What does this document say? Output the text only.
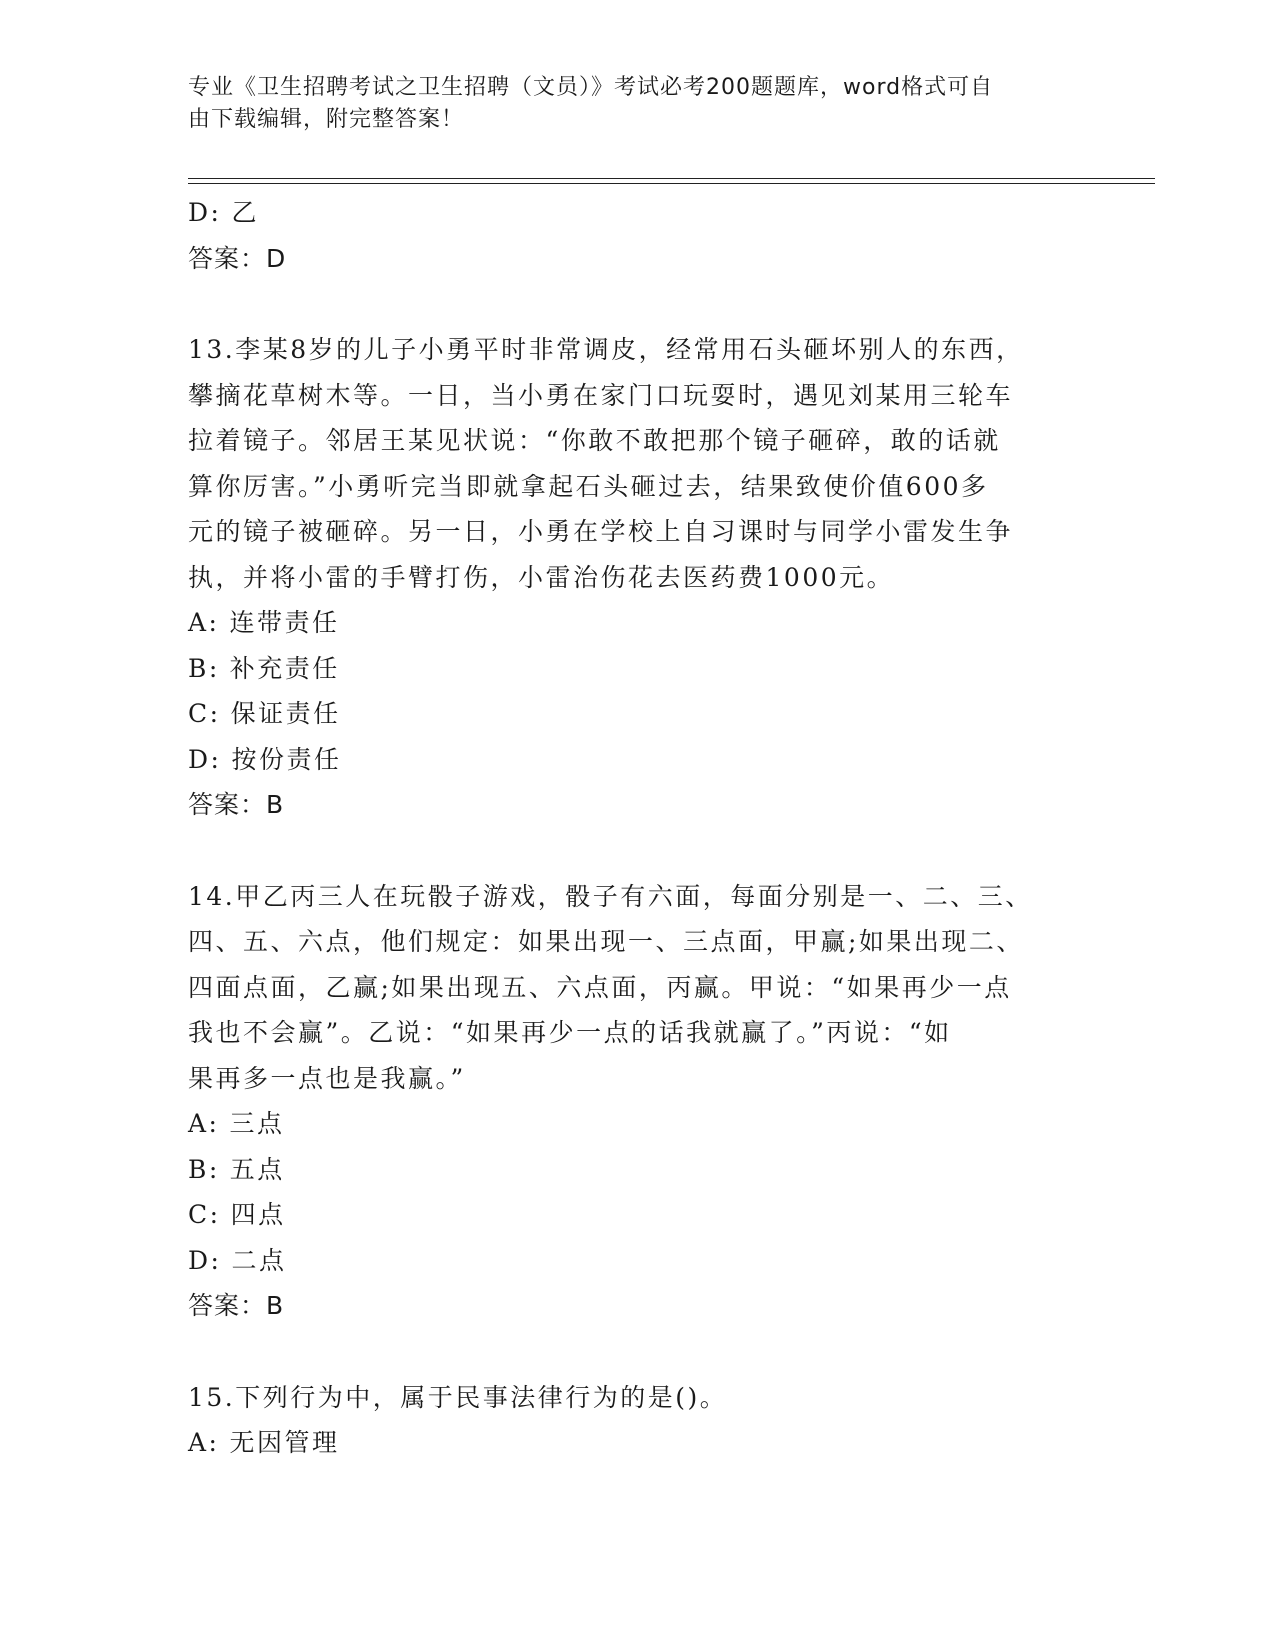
专业《卫生招聘考试之卫生招聘（文员）》考试必考200题题库，word格式可自
由下载编辑，附完整答案！
D: 乙
答案：D
13.李某8岁的儿子小勇平时非常调皮，经常用石头砸坏别人的东西，
攀摘花草树木等。一日，当小勇在家门口玩耍时，遇见刘某用三轮车
拉着镜子。邻居王某见状说：“你敢不敢把那个镜子砸碎，敢的话就
算你厉害。”小勇听完当即就拿起石头砸过去，结果致使价值600多
元的镜子被砸碎。另一日，小勇在学校上自习课时与同学小雷发生争
执，并将小雷的手臂打伤，小雷治伤花去医药费1000元。
A: 连带责任
B: 补充责任
C: 保证责任
D: 按份责任
答案：B
14.甲乙丙三人在玩骰子游戏，骰子有六面，每面分别是一、二、三、
四、五、六点，他们规定：如果出现一、三点面，甲赢;如果出现二、
四面点面，乙赢;如果出现五、六点面，丙赢。甲说：“如果再少一点
我也不会赢”。乙说：“如果再少一点的话我就赢了。”丙说：“如
果再多一点也是我赢。”
A: 三点
B: 五点
C: 四点
D: 二点
答案：B
15.下列行为中，属于民事法律行为的是()。
A: 无因管理
